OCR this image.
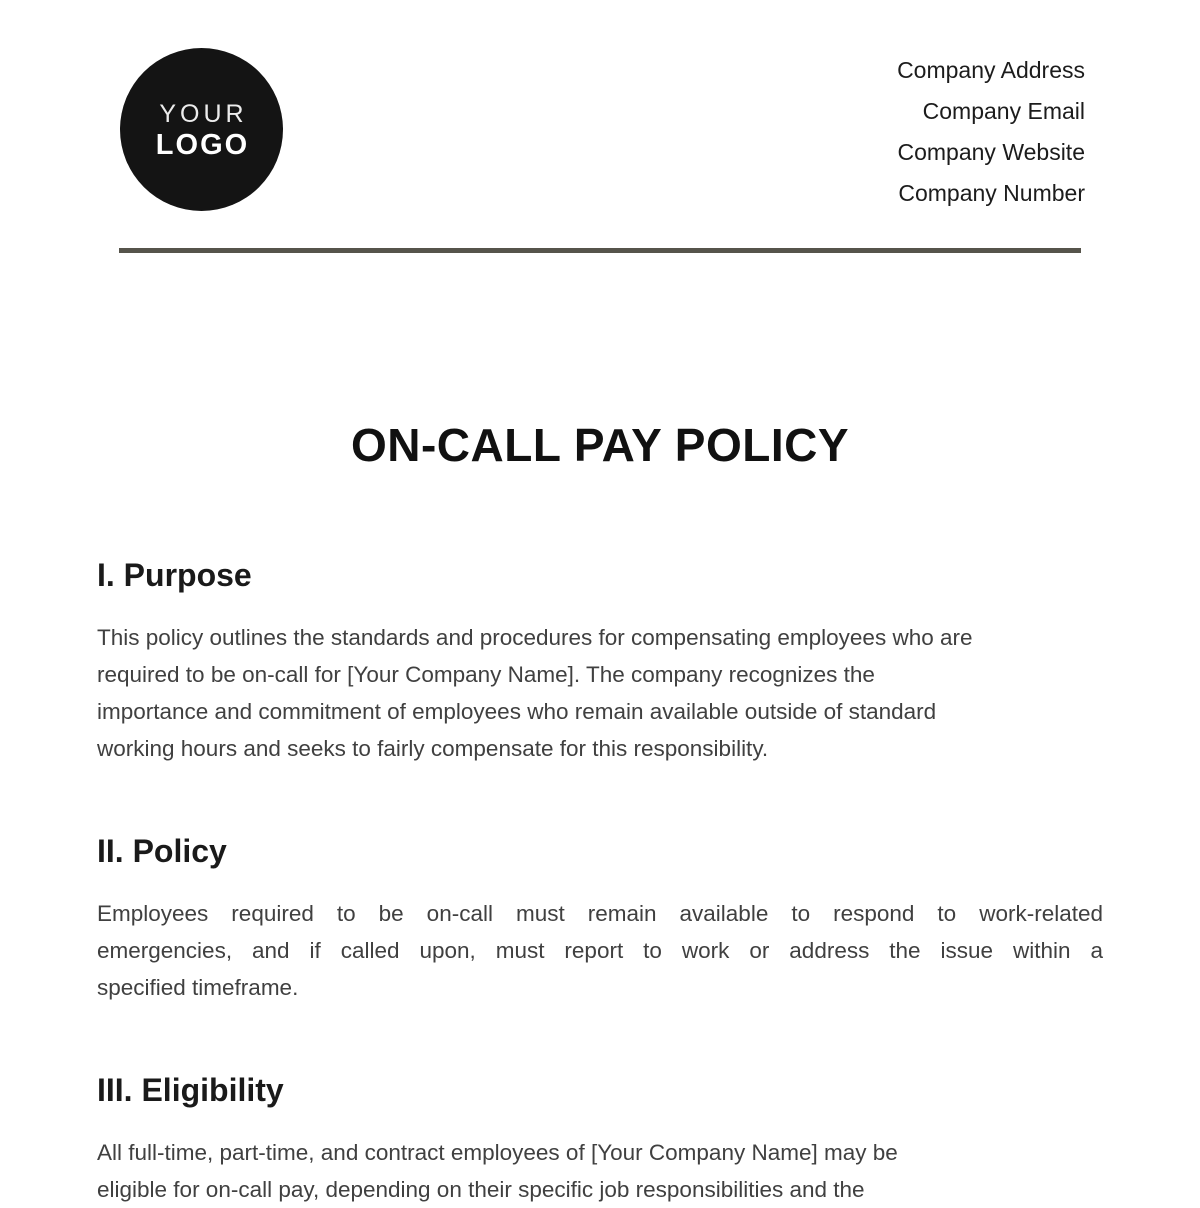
YOUR
LOGO
Company Address
Company Email
Company Website
Company Number
ON-CALL PAY POLICY
I. Purpose
This policy outlines the standards and procedures for compensating employees who are
required to be on-call for [Your Company Name]. The company recognizes the
importance and commitment of employees who remain available outside of standard
working hours and seeks to fairly compensate for this responsibility.
II. Policy
Employees required to be on-call must remain available to respond to work-related
emergencies, and if called upon, must report to work or address the issue within a
specified timeframe.
III. Eligibility
All full-time, part-time, and contract employees of [Your Company Name] may be
eligible for on-call pay, depending on their specific job responsibilities and the
